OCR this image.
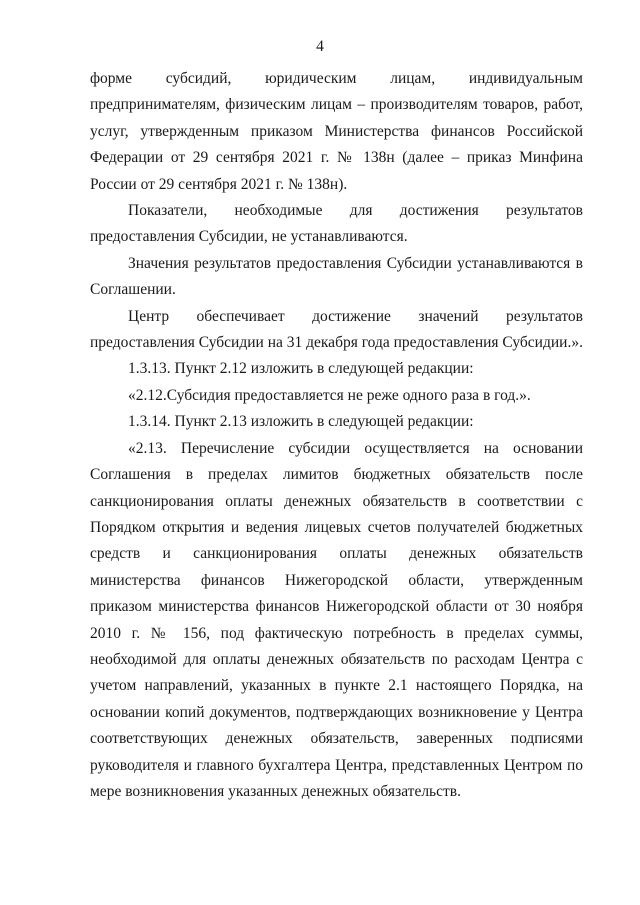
4

форме субсидий, юридическим лицам, индивидуальным предпринимателям, физическим лицам – производителям товаров, работ, услуг, утвержденным приказом Министерства финансов Российской Федерации от 29 сентября 2021 г. № 138н (далее – приказ Минфина России от 29 сентября 2021 г. № 138н).

Показатели, необходимые для достижения результатов предоставления Субсидии, не устанавливаются.

Значения результатов предоставления Субсидии устанавливаются в Соглашении.

Центр обеспечивает достижение значений результатов предоставления Субсидии на 31 декабря года предоставления Субсидии.».

1.3.13. Пункт 2.12 изложить в следующей редакции:

«2.12.Субсидия предоставляется не реже одного раза в год.».

1.3.14. Пункт 2.13 изложить в следующей редакции:

«2.13. Перечисление субсидии осуществляется на основании Соглашения в пределах лимитов бюджетных обязательств после санкционирования оплаты денежных обязательств в соответствии с Порядком открытия и ведения лицевых счетов получателей бюджетных средств и санкционирования оплаты денежных обязательств министерства финансов Нижегородской области, утвержденным приказом министерства финансов Нижегородской области от 30 ноября 2010 г. № 156, под фактическую потребность в пределах суммы, необходимой для оплаты денежных обязательств по расходам Центра с учетом направлений, указанных в пункте 2.1 настоящего Порядка, на основании копий документов, подтверждающих возникновение у Центра соответствующих денежных обязательств, заверенных подписями руководителя и главного бухгалтера Центра, представленных Центром по мере возникновения указанных денежных обязательств.
